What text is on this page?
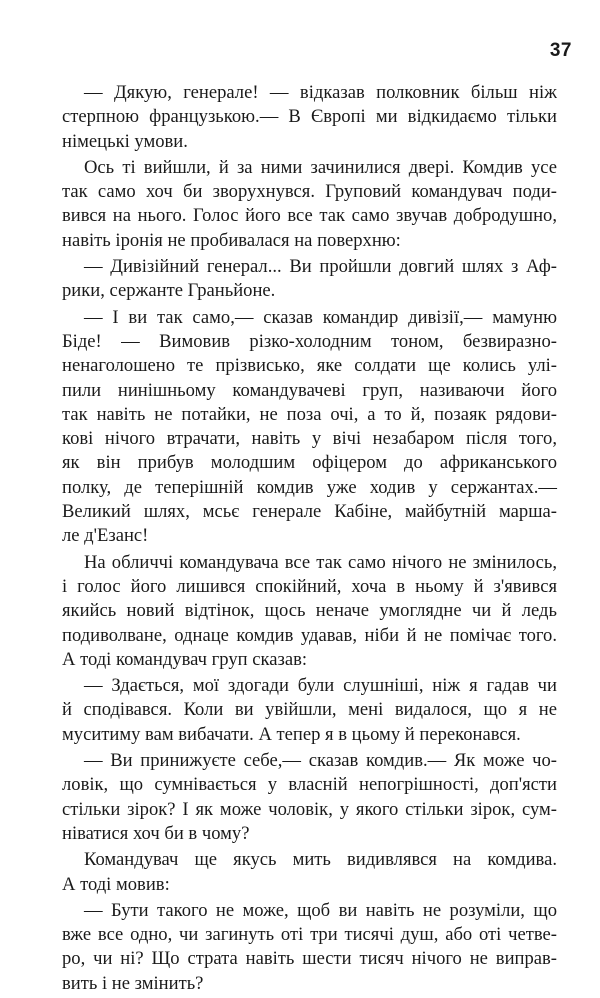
37
— Дякую, генерале! — відказав полковник більш ніж
стерпною французькою.— В Європі ми відкидаємо тільки
німецькі умови.
Ось ті вийшли, й за ними зачинилися двері. Комдив усе
так само хоч би зворухнувся. Груповий командувач поди-
вився на нього. Голос його все так само звучав добродушно,
навіть іронія не пробивалася на поверхню:
— Дивізійний генерал... Ви пройшли довгий шлях з Аф-
рики, сержанте Граньйоне.
— І ви так само,— сказав командир дивізії,— мамуню
Біде! — Вимовив різко-холодним тоном, безвиразно-
ненаголошено те прізвисько, яке солдати ще колись улі-
пили нинішньому командувачеві груп, називаючи його
так навіть не потайки, не поза очі, а то й, позаяк рядови-
кові нічого втрачати, навіть у вічі незабаром після того,
як він прибув молодшим офіцером до африканського
полку, де теперішній комдив уже ходив у сержантах.—
Великий шлях, мсьє генерале Кабіне, майбутній марша-
ле д'Езанс!
На обличчі командувача все так само нічого не змінилось,
і голос його лишився спокійний, хоча в ньому й з'явився
якийсь новий відтінок, щось неначе умоглядне чи й ледь
подиволване, однаце комдив удавав, ніби й не помічає того.
А тоді командувач груп сказав:
— Здається, мої здогади були слушніші, ніж я гадав чи
й сподівався. Коли ви увійшли, мені видалося, що я не
муситиму вам вибачати. А тепер я в цьому й переконався.
— Ви принижуєте себе,— сказав комдив.— Як може чо-
ловік, що сумнівається у власній непогрішності, доп'ясти
стільки зірок? І як може чоловік, у якого стільки зірок, сум-
ніватися хоч би в чому?
Командувач ще якусь мить видивлявся на комдива.
А тоді мовив:
— Бути такого не може, щоб ви навіть не розуміли, що
вже все одно, чи загинуть оті три тисячі душ, або оті четве-
ро, чи ні? Що страта навіть шести тисяч нічого не виправ-
вить і не змінить?
